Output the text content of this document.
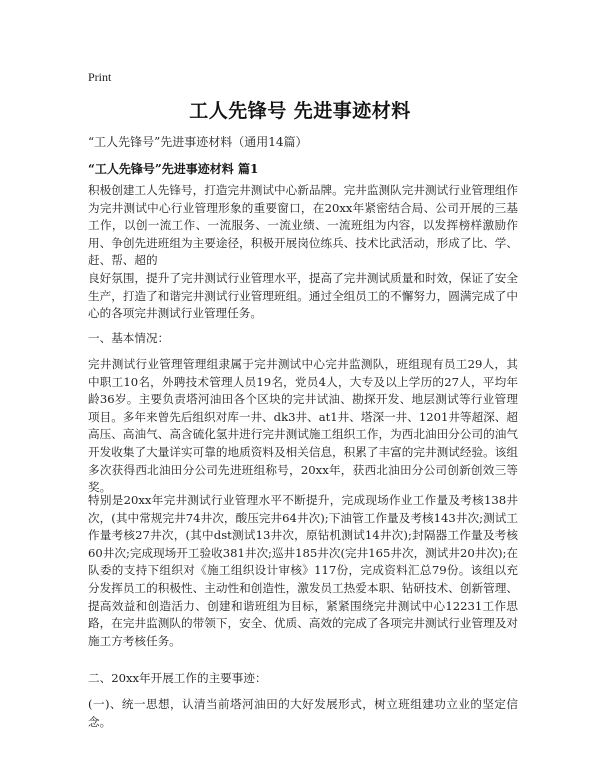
Print
工人先锋号 先进事迹材料
“工人先锋号”先进事迹材料（通用14篇）
“工人先锋号”先进事迹材料 篇1
积极创建工人先锋号，打造完井测试中心新品牌。完井监测队完井测试行业管理组作为完井测试中心行业管理形象的重要窗口，在20xx年紧密结合局、公司开展的三基工作，以创一流工作、一流服务、一流业绩、一流班组为内容，以发挥榜样激励作用、争创先进班组为主要途径，积极开展岗位练兵、技术比武活动，形成了比、学、赶、帮、超的
良好氛围，提升了完井测试行业管理水平，提高了完井测试质量和时效，保证了安全生产，打造了和谐完井测试行业管理班组。通过全组员工的不懈努力，圆满完成了中心的各项完井测试行业管理任务。
一、基本情况：
完井测试行业管理管理组隶属于完井测试中心完井监测队，班组现有员工29人，其中职工10名，外聘技术管理人员19名，党员4人，大专及以上学历的27人，平均年龄36岁。主要负责塔河油田各个区块的完井试油、勘探开发、地层测试等行业管理项目。多年来曾先后组织对库一井、dk3井、at1井、塔深一井、1201井等超深、超高压、高油气、高含硫化氢井进行完井测试施工组织工作，为西北油田分公司的油气开发收集了大量详实可靠的地质资料及相关信息，积累了丰富的完井测试经验。该组多次获得西北油田分公司先进班组称号，20xx年，获西北油田分公司创新创效三等奖。
特别是20xx年完井测试行业管理水平不断提升，完成现场作业工作量及考核138井次，(其中常规完井74井次，酸压完井64井次);下油管工作量及考核143井次;测试工作量考核27井次，(其中dst测试13井次，原钻机测试14井次);封隔器工作量及考核60井次;完成现场开工验收381井次;巡井185井次(完井165井次，测试井20井次);在队委的支持下组织对《施工组织设计审核》117份，完成资料汇总79份。该组以充分发挥员工的积极性、主动性和创造性，激发员工热爱本职、钻研技术、创新管理、提高效益和创造活力、创建和谐班组为目标，紧紧围绕完井测试中心12231工作思路，在完井监测队的带领下，安全、优质、高效的完成了各项完井测试行业管理及对施工方考核任务。
二、20xx年开展工作的主要事迹：
(一)、统一思想，认清当前塔河油田的大好发展形式，树立班组建功立业的坚定信念。
